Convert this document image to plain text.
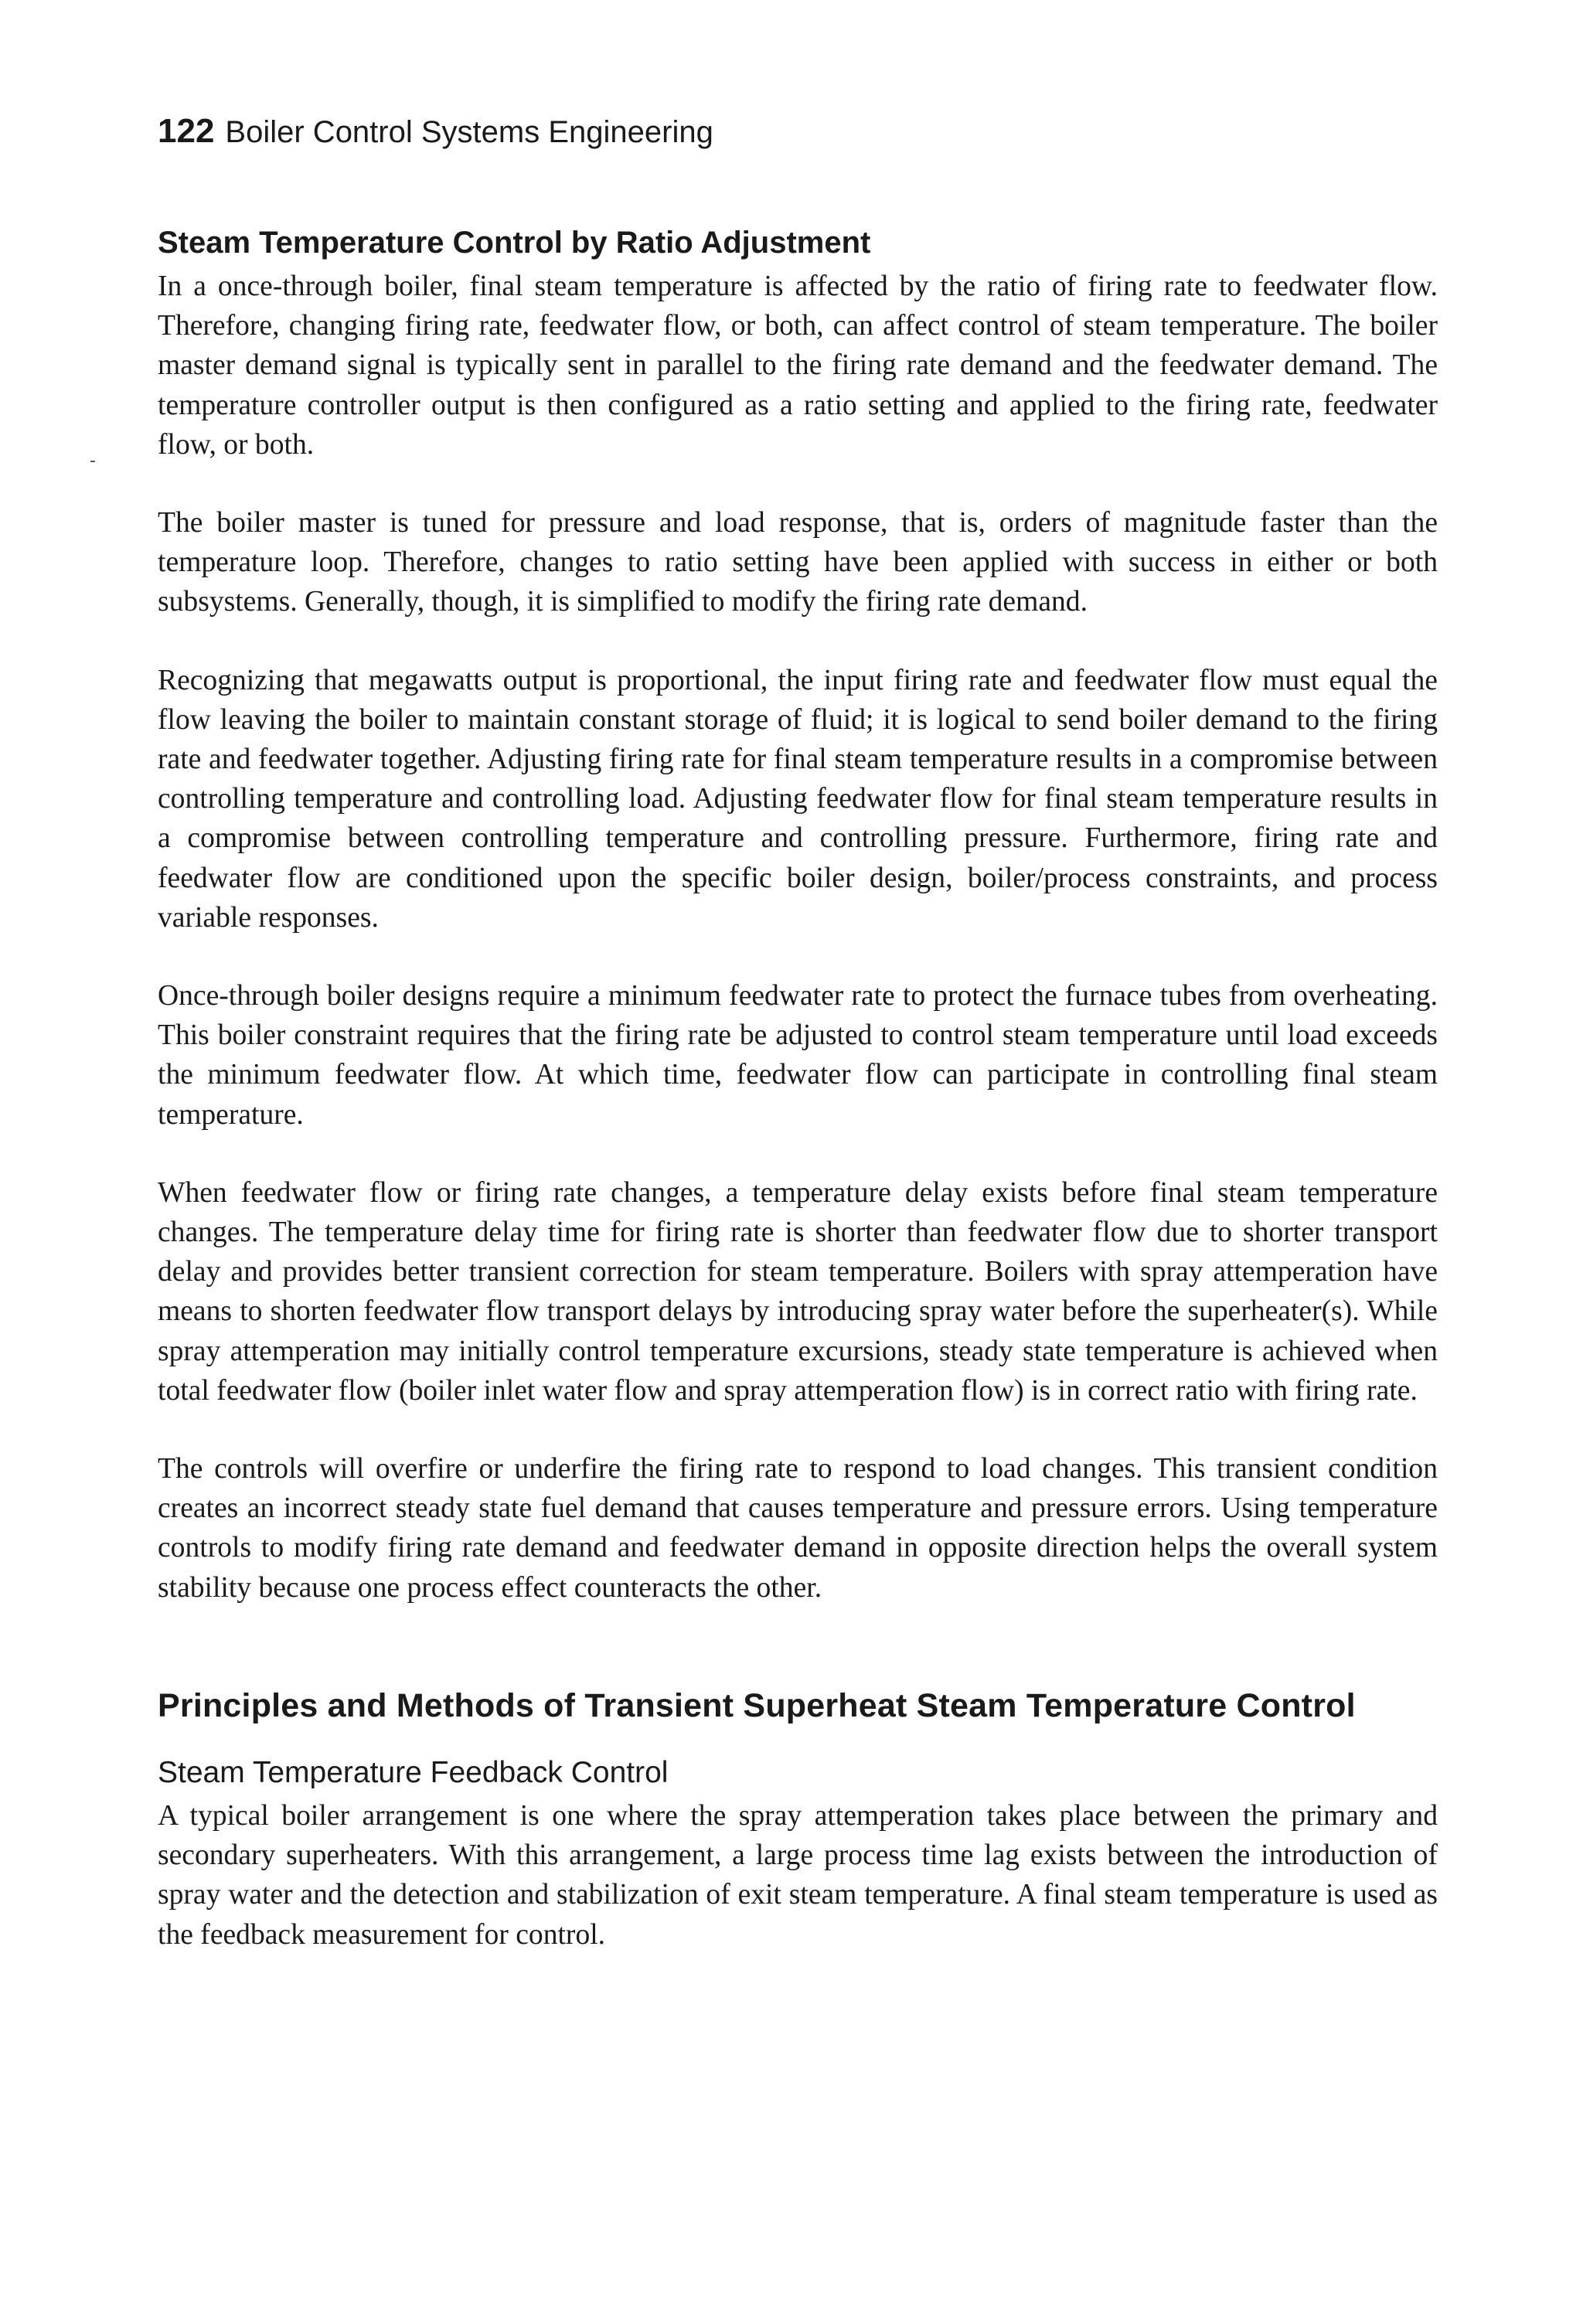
122 Boiler Control Systems Engineering
Steam Temperature Control by Ratio Adjustment

In a once-through boiler, final steam temperature is affected by the ratio of firing rate to feedwater flow. Therefore, changing firing rate, feedwater flow, or both, can affect control of steam temperature. The boiler master demand signal is typically sent in parallel to the firing rate demand and the feedwater demand. The temperature controller output is then configured as a ratio setting and applied to the firing rate, feedwater flow, or both.

The boiler master is tuned for pressure and load response, that is, orders of magnitude faster than the temperature loop. Therefore, changes to ratio setting have been applied with success in either or both subsystems. Generally, though, it is simplified to modify the firing rate demand.

Recognizing that megawatts output is proportional, the input firing rate and feedwater flow must equal the flow leaving the boiler to maintain constant storage of fluid; it is logical to send boiler demand to the firing rate and feedwater together. Adjusting firing rate for final steam temperature results in a compromise between controlling temperature and controlling load. Adjusting feedwater flow for final steam temperature results in a compromise between controlling temperature and controlling pressure. Furthermore, firing rate and feedwater flow are conditioned upon the specific boiler design, boiler/process constraints, and process variable responses.

Once-through boiler designs require a minimum feedwater rate to protect the furnace tubes from overheating. This boiler constraint requires that the firing rate be adjusted to control steam temperature until load exceeds the minimum feedwater flow. At which time, feedwater flow can participate in controlling final steam temperature.

When feedwater flow or firing rate changes, a temperature delay exists before final steam temperature changes. The temperature delay time for firing rate is shorter than feedwater flow due to shorter transport delay and provides better transient correction for steam temperature. Boilers with spray attemperation have means to shorten feedwater flow transport delays by introducing spray water before the superheater(s). While spray attemperation may initially control temperature excursions, steady state temperature is achieved when total feedwater flow (boiler inlet water flow and spray attemperation flow) is in correct ratio with firing rate.

The controls will overfire or underfire the firing rate to respond to load changes. This transient condition creates an incorrect steady state fuel demand that causes temperature and pressure errors. Using temperature controls to modify firing rate demand and feedwater demand in opposite direction helps the overall system stability because one process effect counteracts the other.

Principles and Methods of Transient Superheat Steam Temperature Control
Steam Temperature Feedback Control

A typical boiler arrangement is one where the spray attemperation takes place between the primary and secondary superheaters. With this arrangement, a large process time lag exists between the introduction of spray water and the detection and stabilization of exit steam temperature. A final steam temperature is used as the feedback measurement for control.
